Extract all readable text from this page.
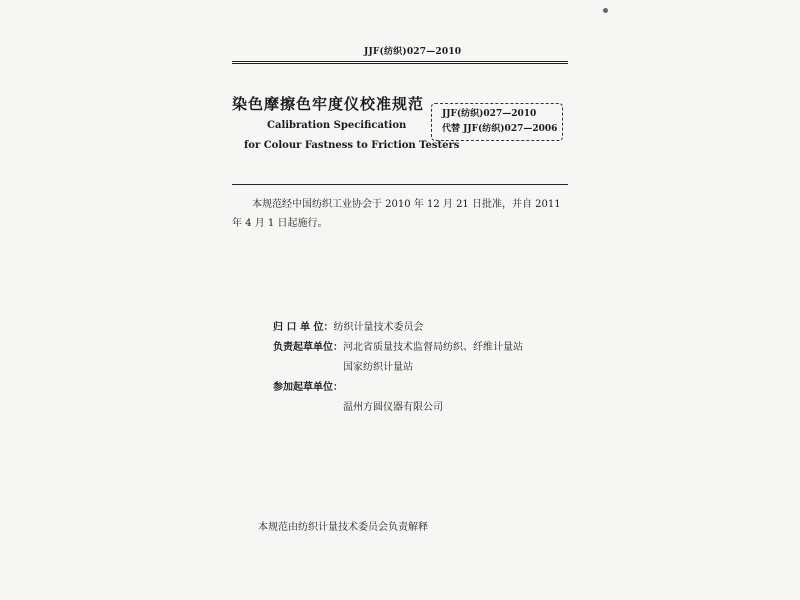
JJF(纺织)027—2010
染色摩擦色牢度仪校准规范
Calibration Specification
for Colour Fastness to Friction Testers
JJF(纺织)027—2010
代替 JJF(纺织)027—2006
本规范经中国纺织工业协会于 2010 年 12 月 21 日批准，并自 2011 年 4 月 1 日起施行。
归 口 单 位：纺织计量技术委员会
负责起草单位：河北省质量技术监督局纺织、纤维计量站
国家纺织计量站
参加起草单位：
温州方圆仪器有限公司
本规范由纺织计量技术委员会负责解释
